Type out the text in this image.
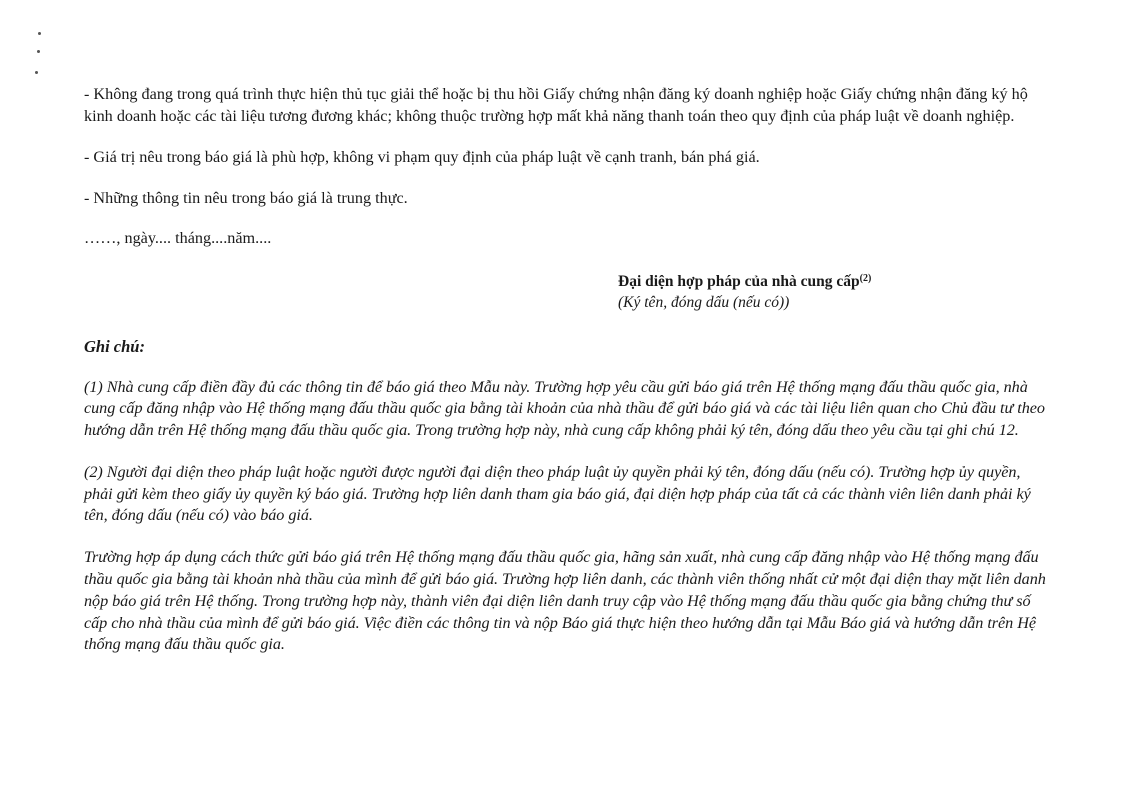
- Không đang trong quá trình thực hiện thủ tục giải thể hoặc bị thu hồi Giấy chứng nhận đăng ký doanh nghiệp hoặc Giấy chứng nhận đăng ký hộ kinh doanh hoặc các tài liệu tương đương khác; không thuộc trường hợp mất khả năng thanh toán theo quy định của pháp luật về doanh nghiệp.

- Giá trị nêu trong báo giá là phù hợp, không vi phạm quy định của pháp luật về cạnh tranh, bán phá giá.

- Những thông tin nêu trong báo giá là trung thực.

……, ngày.... tháng....năm....

Đại diện hợp pháp của nhà cung cấp$^{(2)}$

(Ký tên, đóng dấu (nếu có))

Ghi chú:

(1) Nhà cung cấp điền đầy đủ các thông tin để báo giá theo Mẫu này. Trường hợp yêu cầu gửi báo giá trên Hệ thống mạng đấu thầu quốc gia, nhà cung cấp đăng nhập vào Hệ thống mạng đấu thầu quốc gia bằng tài khoản của nhà thầu để gửi báo giá và các tài liệu liên quan cho Chủ đầu tư theo hướng dẫn trên Hệ thống mạng đấu thầu quốc gia. Trong trường hợp này, nhà cung cấp không phải ký tên, đóng dấu theo yêu cầu tại ghi chú 12.

(2) Người đại diện theo pháp luật hoặc người được người đại diện theo pháp luật ủy quyền phải ký tên, đóng dấu (nếu có). Trường hợp ủy quyền, phải gửi kèm theo giấy ủy quyền ký báo giá. Trường hợp liên danh tham gia báo giá, đại diện hợp pháp của tất cả các thành viên liên danh phải ký tên, đóng dấu (nếu có) vào báo giá.

Trường hợp áp dụng cách thức gửi báo giá trên Hệ thống mạng đấu thầu quốc gia, hãng sản xuất, nhà cung cấp đăng nhập vào Hệ thống mạng đấu thầu quốc gia bằng tài khoản nhà thầu của mình để gửi báo giá. Trường hợp liên danh, các thành viên thống nhất cử một đại diện thay mặt liên danh nộp báo giá trên Hệ thống. Trong trường hợp này, thành viên đại diện liên danh truy cập vào Hệ thống mạng đấu thầu quốc gia bằng chứng thư số cấp cho nhà thầu của mình để gửi báo giá. Việc điền các thông tin và nộp Báo giá thực hiện theo hướng dẫn tại Mẫu Báo giá và hướng dẫn trên Hệ thống mạng đấu thầu quốc gia.
